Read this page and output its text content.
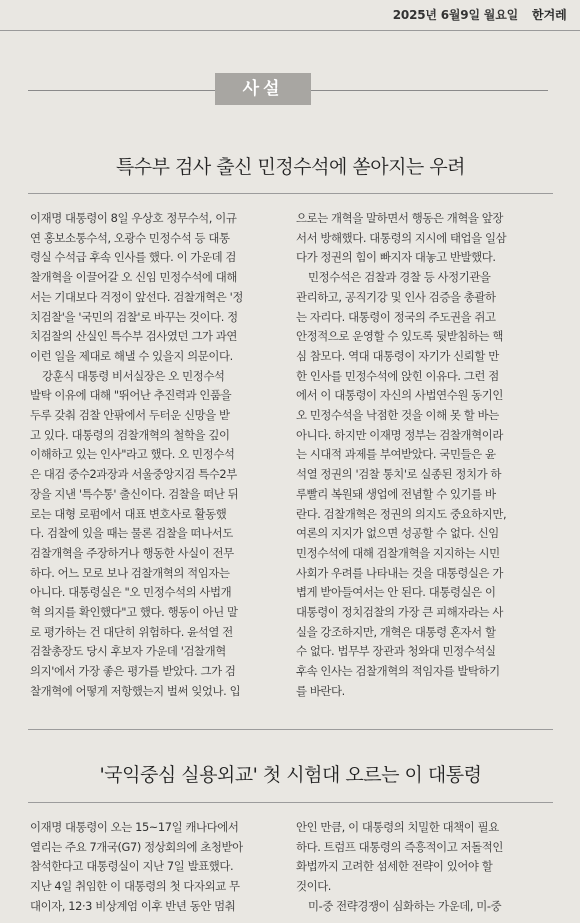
2025년 6월9일 월요일 한겨레
사설
특수부 검사 출신 민정수석에 쏟아지는 우려
이재명 대통령이 8일 우상호 정무수석, 이규
연 홍보소통수석, 오광수 민정수석 등 대통
령실 수석급 후속 인사를 했다. 이 가운데 검
찰개혁을 이끌어갈 오 신임 민정수석에 대해
서는 기대보다 걱정이 앞선다. 검찰개혁은 '정
치검찰'을 '국민의 검찰'로 바꾸는 것이다. 정
치검찰의 산실인 특수부 검사였던 그가 과연
이런 일을 제대로 해낼 수 있을지 의문이다.
강훈식 대통령 비서실장은 오 민정수석
발탁 이유에 대해 "뛰어난 추진력과 인품을
두루 갖춰 검찰 안팎에서 두터운 신망을 받
고 있다. 대통령의 검찰개혁의 철학을 깊이
이해하고 있는 인사"라고 했다. 오 민정수석
은 대검 중수2과장과 서울중앙지검 특수2부
장을 지낸 '특수통' 출신이다. 검찰을 떠난 뒤
로는 대형 로펌에서 대표 변호사로 활동했
다. 검찰에 있을 때는 물론 검찰을 떠나서도
검찰개혁을 주장하거나 행동한 사실이 전무
하다. 어느 모로 보나 검찰개혁의 적임자는
아니다. 대통령실은 "오 민정수석의 사법개
혁 의지를 확인했다"고 했다. 행동이 아닌 말
로 평가하는 건 대단히 위험하다. 윤석열 전
검찰총장도 당시 후보자 가운데 '검찰개혁
의지'에서 가장 좋은 평가를 받았다. 그가 검
찰개혁에 어떻게 저항했는지 벌써 잊었나. 입
으로는 개혁을 말하면서 행동은 개혁을 앞장
서서 방해했다. 대통령의 지시에 태업을 일삼
다가 정권의 힘이 빠지자 대놓고 반발했다.
민정수석은 검찰과 경찰 등 사정기관을
관리하고, 공직기강 및 인사 검증을 총괄하
는 자리다. 대통령이 정국의 주도권을 쥐고
안정적으로 운영할 수 있도록 뒷받침하는 핵
심 참모다. 역대 대통령이 자기가 신뢰할 만
한 인사를 민정수석에 앉힌 이유다. 그런 점
에서 이 대통령이 자신의 사법연수원 동기인
오 민정수석을 낙점한 것을 이해 못 할 바는
아니다. 하지만 이재명 정부는 검찰개혁이라
는 시대적 과제를 부여받았다. 국민들은 윤
석열 정권의 '검찰 통치'로 실종된 정치가 하
루빨리 복원돼 생업에 전념할 수 있기를 바
란다. 검찰개혁은 정권의 의지도 중요하지만,
여론의 지지가 없으면 성공할 수 없다. 신임
민정수석에 대해 검찰개혁을 지지하는 시민
사회가 우려를 나타내는 것을 대통령실은 가
볍게 받아들여서는 안 된다. 대통령실은 이
대통령이 정치검찰의 가장 큰 피해자라는 사
실을 강조하지만, 개혁은 대통령 혼자서 할
수 없다. 법무부 장관과 청와대 민정수석실
후속 인사는 검찰개혁의 적임자를 발탁하기
를 바란다.
'국익중심 실용외교' 첫 시험대 오르는 이 대통령
이재명 대통령이 오는 15~17일 캐나다에서
열리는 주요 7개국(G7) 정상회의에 초청받아
참석한다고 대통령실이 지난 7일 발표했다.
지난 4일 취임한 이 대통령의 첫 다자외교 무
대이자, 12·3 비상계엄 이후 반년 동안 멈춰
안인 만큼, 이 대통령의 치밀한 대책이 필요
하다. 트럼프 대통령의 즉흥적이고 저돌적인
화법까지 고려한 섬세한 전략이 있어야 할
것이다.
미-중 전략경쟁이 심화하는 가운데, 미-중
